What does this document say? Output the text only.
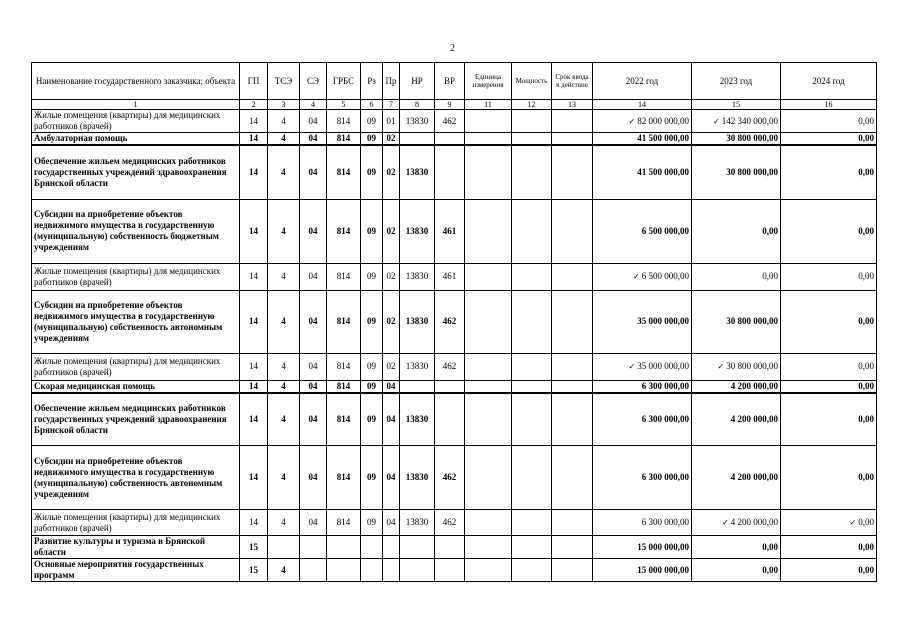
2
Наименование государственного заказчика; объекта	ГП	ТСЭ	СЭ	ГРБС	Рз	Пр	НР	ВР	Единица измерения	Мощность	Срок ввода в действие	2022 год	2023 год	2024 год
1	2	3	4	5	6	7	8	9	11	12	13	14	15	16
Жилые помещения (квартиры) для медицинских работников (врачей)	14	4	04	814	09	01	13830	462				✓ 82 000 000,00	✓ 142 340 000,00	0,00
Амбулаторная помощь	14	4	04	814	09	02						41 500 000,00	30 800 000,00	0,00
Обеспечение жильем медицинских работников государственных учреждений здравоохранения Брянской области	14	4	04	814	09	02	13830					41 500 000,00	30 800 000,00	0,00
Субсидии на приобретение объектов недвижимого имущества в государственную (муниципальную) собственность бюджетным учреждениям	14	4	04	814	09	02	13830	461				6 500 000,00	0,00	0,00
Жилые помещения (квартиры) для медицинских работников (врачей)	14	4	04	814	09	02	13830	461				✓ 6 500 000,00	0,00	0,00
Субсидии на приобретение объектов недвижимого имущества в государственную (муниципальную) собственность автономным учреждениям	14	4	04	814	09	02	13830	462				35 000 000,00	30 800 000,00	0,00
Жилые помещения (квартиры) для медицинских работников (врачей)	14	4	04	814	09	02	13830	462				✓ 35 000 000,00	✓ 30 800 000,00	0,00
Скорая медицинская помощь	14	4	04	814	09	04						6 300 000,00	4 200 000,00	0,00
Обеспечение жильем медицинских работников государственных учреждений здравоохранения Брянской области	14	4	04	814	09	04	13830					6 300 000,00	4 200 000,00	0,00
Субсидии на приобретение объектов недвижимого имущества в государственную (муниципальную) собственность автономным учреждениям	14	4	04	814	09	04	13830	462				6 300 000,00	4 200 000,00	0,00
Жилые помещения (квартиры) для медицинских работников (врачей)	14	4	04	814	09	04	13830	462				6 300 000,00	✓ 4 200 000,00	✓ 0,00
Развитие культуры и туризма в Брянской области	15											15 000 000,00	0,00	0,00
Основные мероприятия государственных программ	15	4										15 000 000,00	0,00	0,00
